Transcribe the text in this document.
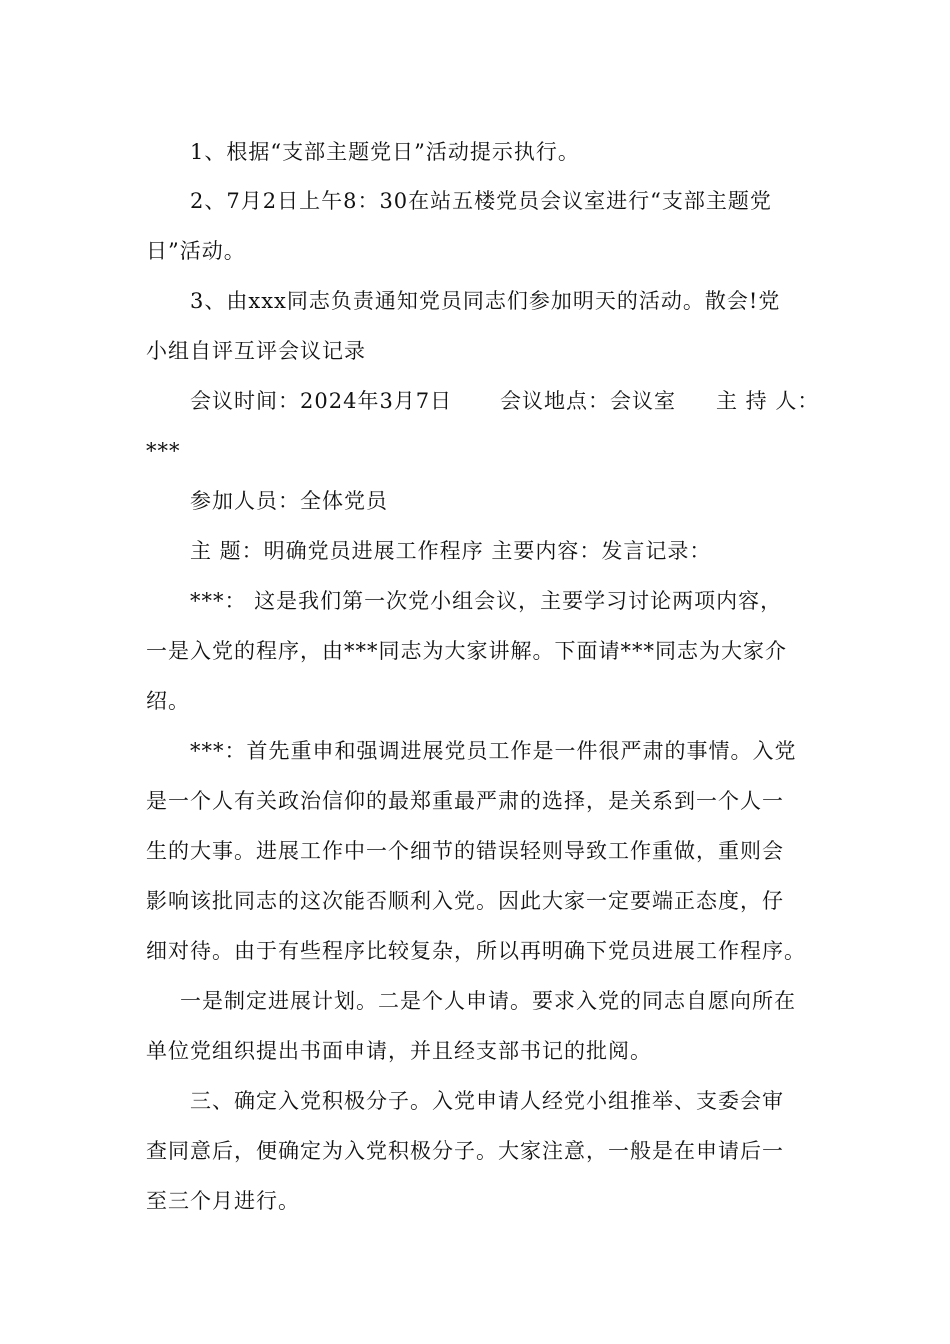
1、根据“支部主题党日”活动提示执行。
2、7月2日上午8：30在站五楼党员会议室进行“支部主题党
日”活动。
3、由xxx同志负责通知党员同志们参加明天的活动。散会!党
小组自评互评会议记录
会议时间：2024年3月7日 会议地点：会议室 主 持 人：
***
参加人员：全体党员
主 题：明确党员进展工作程序 主要内容：发言记录：
***： 这是我们第一次党小组会议，主要学习讨论两项内容，
一是入党的程序，由***同志为大家讲解。下面请***同志为大家介
绍。
***：首先重申和强调进展党员工作是一件很严肃的事情。入党
是一个人有关政治信仰的最郑重最严肃的选择，是关系到一个人一
生的大事。进展工作中一个细节的错误轻则导致工作重做，重则会
影响该批同志的这次能否顺利入党。因此大家一定要端正态度，仔
细对待。由于有些程序比较复杂，所以再明确下党员进展工作程序。
一是制定进展计划。二是个人申请。要求入党的同志自愿向所在
单位党组织提出书面申请，并且经支部书记的批阅。
三、确定入党积极分子。入党申请人经党小组推举、支委会审
查同意后，便确定为入党积极分子。大家注意，一般是在申请后一
至三个月进行。
